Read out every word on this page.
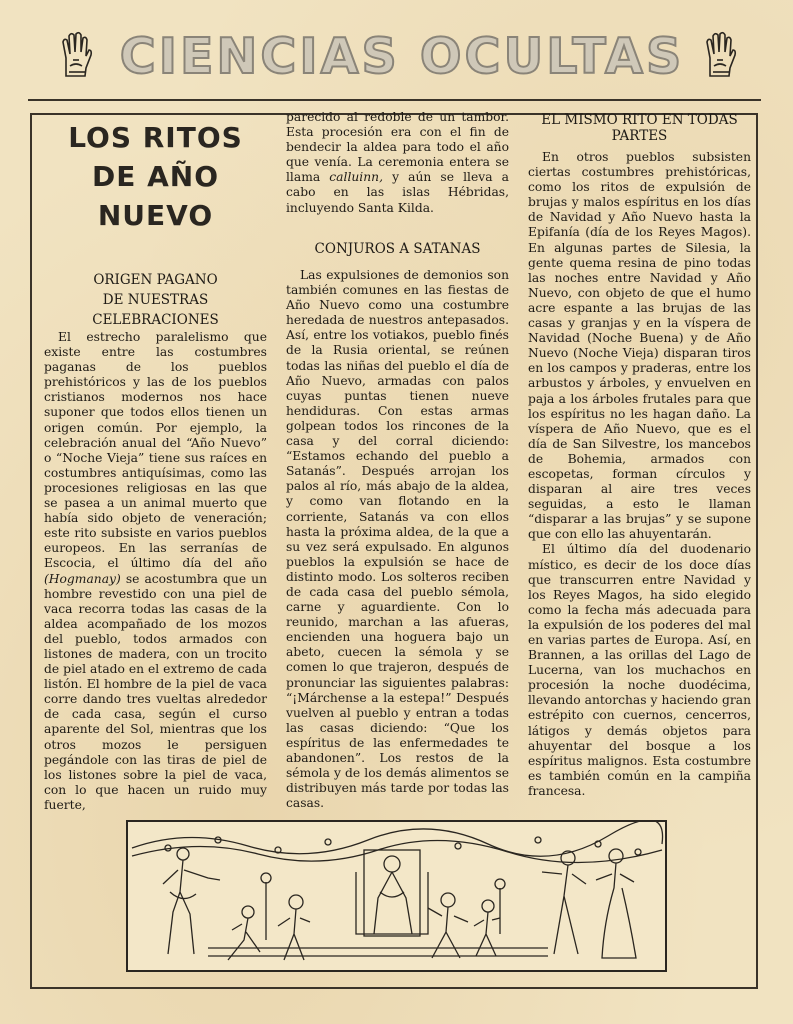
CIENCIAS OCULTAS
LOS RITOS
DE AÑO
NUEVO
ORIGEN PAGANO
DE NUESTRAS
CELEBRACIONES

El estrecho paralelismo que existe entre las costumbres paganas de los pueblos prehistóricos y las de los pueblos cristianos modernos nos hace suponer que todos ellos tienen un origen común. Por ejemplo, la celebración anual del “Año Nuevo” o “Noche Vieja” tiene sus raíces en costumbres antiquísimas, como las procesiones religiosas en las que se pasea a un animal muerto que había sido objeto de veneración; este rito subsiste en varios pueblos europeos. En las serranías de Escocia, el último día del año (Hogmanay) se acostumbra que un hombre revestido con una piel de vaca recorra todas las casas de la aldea acompañado de los mozos del pueblo, todos armados con listones de madera, con un trocito de piel atado en el extremo de cada listón. El hombre de la piel de vaca corre dando tres vueltas alrededor de cada casa, según el curso aparente del Sol, mientras que los otros mozos le persiguen pegándole con las tiras de piel de los listones sobre la piel de vaca, con lo que hacen un ruido muy fuerte,

parecido al redoble de un tambor. Esta procesión era con el fin de bendecir la aldea para todo el año que venía. La ceremonia entera se llama calluinn, y aún se lleva a cabo en las islas Hébridas, incluyendo Santa Kilda.

CONJUROS A SATANAS

Las expulsiones de demonios son también comunes en las fiestas de Año Nuevo como una costumbre heredada de nuestros antepasados. Así, entre los votiakos, pueblo finés de la Rusia oriental, se reúnen todas las niñas del pueblo el día de Año Nuevo, armadas con palos cuyas puntas tienen nueve hendiduras. Con estas armas golpean todos los rincones de la casa y del corral diciendo: “Estamos echando del pueblo a Satanás”. Después arrojan los palos al río, más abajo de la aldea, y como van flotando en la corriente, Satanás va con ellos hasta la próxima aldea, de la que a su vez será expulsado. En algunos pueblos la expulsión se hace de distinto modo. Los solteros reciben de cada casa del pueblo sémola, carne y aguardiente. Con lo reunido, marchan a las afueras, encienden una hoguera bajo un abeto, cuecen la sémola y se comen lo que trajeron, después de pronunciar las siguientes palabras: “¡Márchense a la estepa!” Después vuelven al pueblo y entran a todas las casas diciendo: “Que los espíritus de las enfermedades te abandonen”. Los restos de la sémola y de los demás alimentos se distribuyen más tarde por todas las casas.

EL MISMO RITO EN TODAS
PARTES

En otros pueblos subsisten ciertas costumbres prehistóricas, como los ritos de expulsión de brujas y malos espíritus en los días de Navidad y Año Nuevo hasta la Epifanía (día de los Reyes Magos). En algunas partes de Silesia, la gente quema resina de pino todas las noches entre Navidad y Año Nuevo, con objeto de que el humo acre espante a las brujas de las casas y granjas y en la víspera de Navidad (Noche Buena) y de Año Nuevo (Noche Vieja) disparan tiros en los campos y praderas, entre los arbustos y árboles, y envuelven en paja a los árboles frutales para que los espíritus no les hagan daño. La víspera de Año Nuevo, que es el día de San Silvestre, los mancebos de Bohemia, armados con escopetas, forman círculos y disparan al aire tres veces seguidas, a esto le llaman “disparar a las brujas” y se supone que con ello las ahuyentarán.

El último día del duodenario místico, es decir de los doce días que transcurren entre Navidad y los Reyes Magos, ha sido elegido como la fecha más adecuada para la expulsión de los poderes del mal en varias partes de Europa. Así, en Brannen, a las orillas del Lago de Lucerna, van los muchachos en procesión la noche duodécima, llevando antorchas y haciendo gran estrépito con cuernos, cencerros, látigos y demás objetos para ahuyentar del bosque a los espíritus malignos. Esta costumbre es también común en la campiña francesa.
